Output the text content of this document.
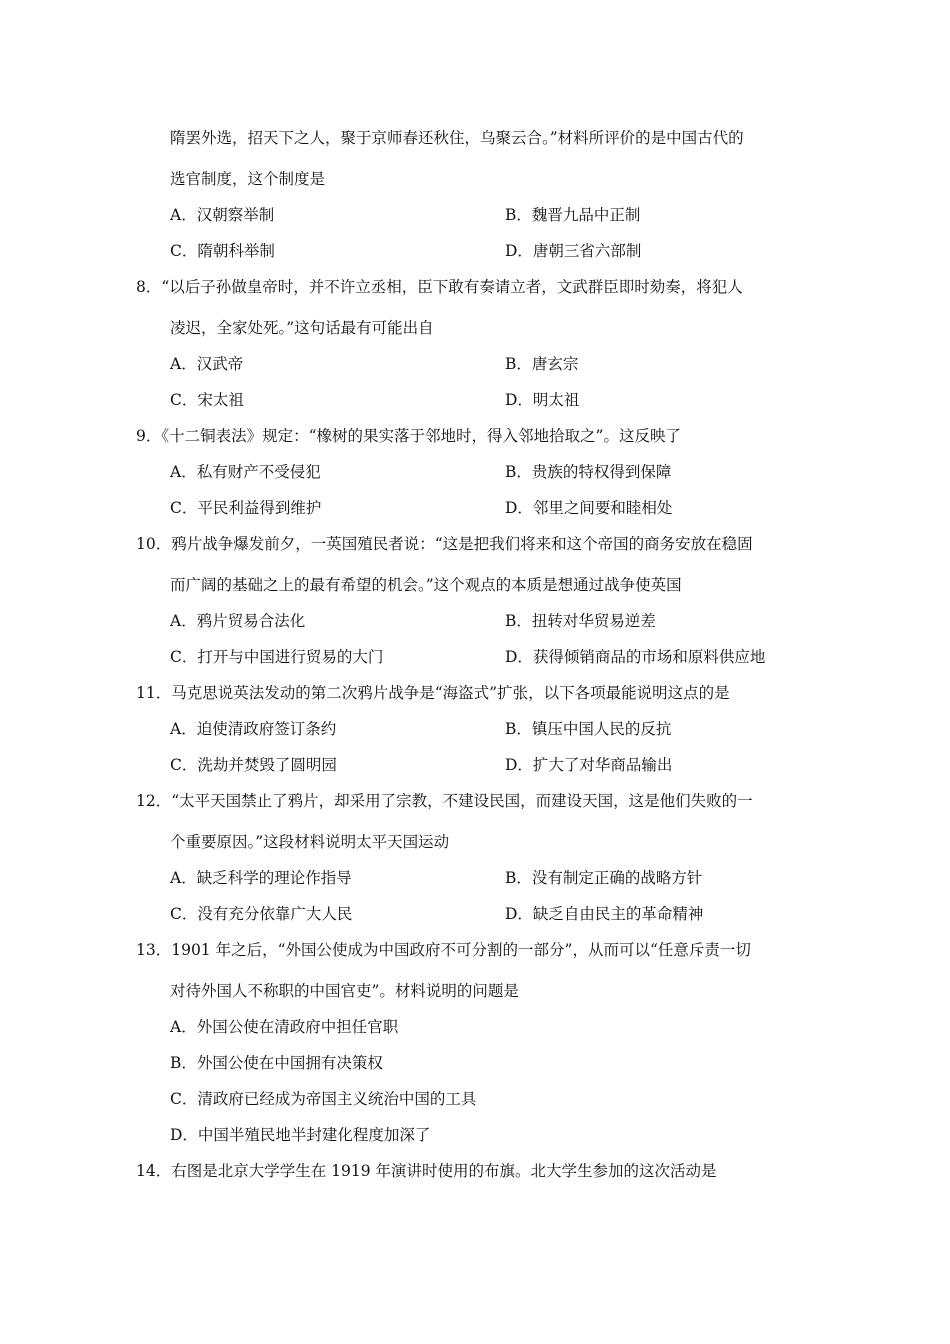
隋罢外选，招天下之人，聚于京师春还秋住，乌聚云合。”材料所评价的是中国古代的
选官制度，这个制度是
A．汉朝察举制	B．魏晋九品中正制
C．隋朝科举制	D．唐朝三省六部制
8．“以后子孙做皇帝时，并不许立丞相，臣下敢有奏请立者，文武群臣即时劾奏，将犯人
凌迟，全家处死。”这句话最有可能出自
A．汉武帝	B．唐玄宗
C．宋太祖	D．明太祖
9．《十二铜表法》规定：“橡树的果实落于邻地时，得入邻地拾取之”。这反映了
A．私有财产不受侵犯	B．贵族的特权得到保障
C．平民利益得到维护	D．邻里之间要和睦相处
10．鸦片战争爆发前夕，一英国殖民者说：“这是把我们将来和这个帝国的商务安放在稳固
而广阔的基础之上的最有希望的机会。”这个观点的本质是想通过战争使英国
A．鸦片贸易合法化	B．扭转对华贸易逆差
C．打开与中国进行贸易的大门	D．获得倾销商品的市场和原料供应地
11．马克思说英法发动的第二次鸦片战争是“海盗式”扩张，以下各项最能说明这点的是
A．迫使清政府签订条约	B．镇压中国人民的反抗
C．洗劫并焚毁了圆明园	D．扩大了对华商品输出
12．“太平天国禁止了鸦片，却采用了宗教，不建设民国，而建设天国，这是他们失败的一
个重要原因。”这段材料说明太平天国运动
A．缺乏科学的理论作指导	B．没有制定正确的战略方针
C．没有充分依靠广大人民	D．缺乏自由民主的革命精神
13．1901 年之后，“外国公使成为中国政府不可分割的一部分”，从而可以“任意斥责一切
对待外国人不称职的中国官吏”。材料说明的问题是
A．外国公使在清政府中担任官职
B．外国公使在中国拥有决策权
C．清政府已经成为帝国主义统治中国的工具
D．中国半殖民地半封建化程度加深了
14．右图是北京大学学生在 1919 年演讲时使用的布旗。北大学生参加的这次活动是
